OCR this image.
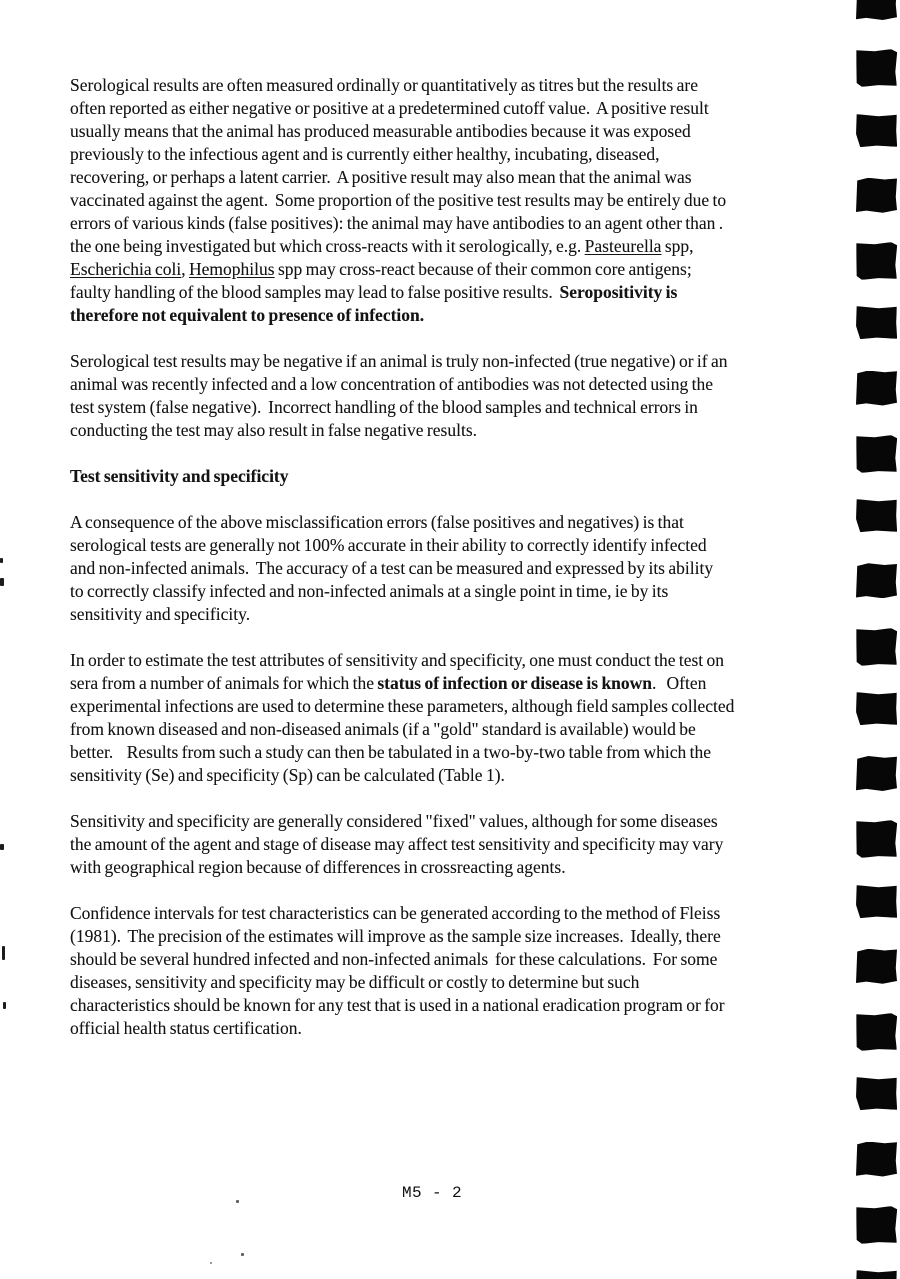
Serological results are often measured ordinally or quantitatively as titres but the results are
often reported as either negative or positive at a predetermined cutoff value.  A positive result
usually means that the animal has produced measurable antibodies because it was exposed
previously to the infectious agent and is currently either healthy, incubating, diseased,
recovering, or perhaps a latent carrier.  A positive result may also mean that the animal was
vaccinated against the agent.  Some proportion of the positive test results may be entirely due to
errors of various kinds (false positives): the animal may have antibodies to an agent other than .
the one being investigated but which cross-reacts with it serologically, e.g. Pasteurella spp,
Escherichia coli, Hemophilus spp may cross-react because of their common core antigens;
faulty handling of the blood samples may lead to false positive results.  Seropositivity is
therefore not equivalent to presence of infection.
Serological test results may be negative if an animal is truly non-infected (true negative) or if an
animal was recently infected and a low concentration of antibodies was not detected using the
test system (false negative).  Incorrect handling of the blood samples and technical errors in
conducting the test may also result in false negative results.
Test sensitivity and specificity
A consequence of the above misclassification errors (false positives and negatives) is that
serological tests are generally not 100% accurate in their ability to correctly identify infected
and non-infected animals.  The accuracy of a test can be measured and expressed by its ability
to correctly classify infected and non-infected animals at a single point in time, ie by its
sensitivity and specificity.
In order to estimate the test attributes of sensitivity and specificity, one must conduct the test on
sera from a number of animals for which the status of infection or disease is known.   Often
experimental infections are used to determine these parameters, although field samples collected
from known diseased and non-diseased animals (if a "gold" standard is available) would be
better.    Results from such a study can then be tabulated in a two-by-two table from which the
sensitivity (Se) and specificity (Sp) can be calculated (Table 1).
Sensitivity and specificity are generally considered "fixed" values, although for some diseases
the amount of the agent and stage of disease may affect test sensitivity and specificity may vary
with geographical region because of differences in crossreacting agents.
Confidence intervals for test characteristics can be generated according to the method of Fleiss
(1981).  The precision of the estimates will improve as the sample size increases.  Ideally, there
should be several hundred infected and non-infected animals  for these calculations.  For some
diseases, sensitivity and specificity may be difficult or costly to determine but such
characteristics should be known for any test that is used in a national eradication program or for
official health status certification.
M5 - 2
